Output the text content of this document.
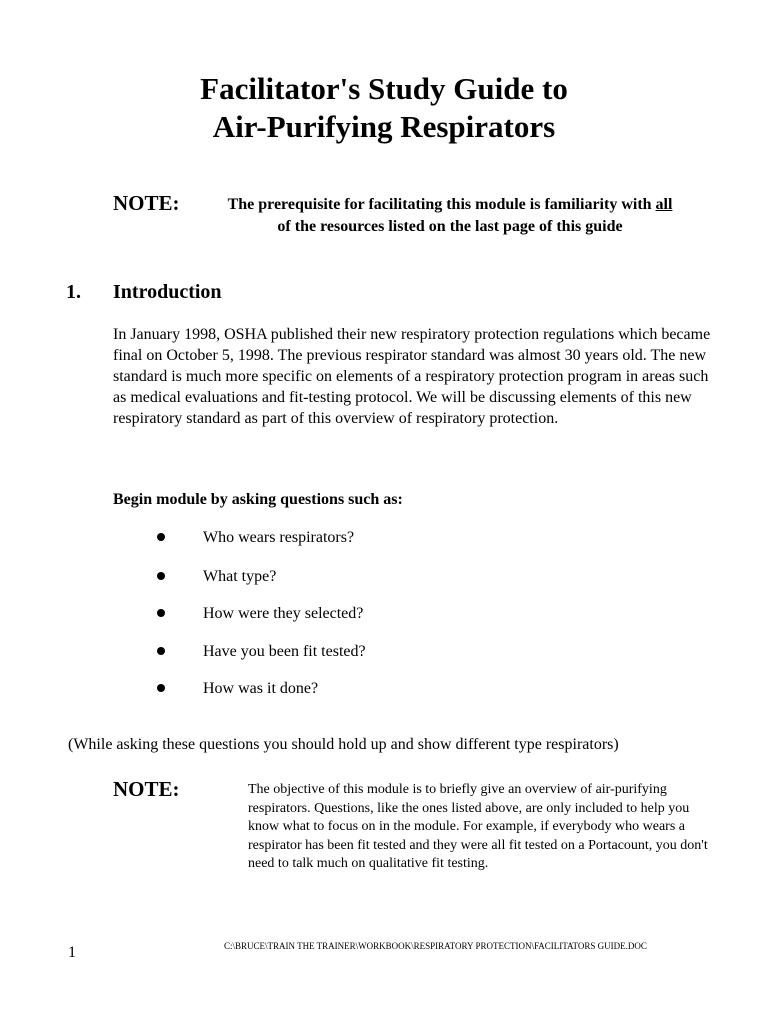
Facilitator's Study Guide to
Air-Purifying Respirators
NOTE:	The prerequisite for facilitating this module is familiarity with all
of the resources listed on the last page of this guide
1. Introduction
In January 1998, OSHA published their new respiratory protection regulations which became final on October 5, 1998. The previous respirator standard was almost 30 years old. The new standard is much more specific on elements of a respiratory protection program in areas such as medical evaluations and fit-testing protocol. We will be discussing elements of this new respiratory standard as part of this overview of respiratory protection.
Begin module by asking questions such as:
Who wears respirators?
What type?
How were they selected?
Have you been fit tested?
How was it done?
(While asking these questions you should hold up and show different type respirators)
NOTE:	The objective of this module is to briefly give an overview of air-purifying respirators. Questions, like the ones listed above, are only included to help you know what to focus on in the module. For example, if everybody who wears a respirator has been fit tested and they were all fit tested on a Portacount, you don't need to talk much on qualitative fit testing.
1	C:\BRUCE\TRAIN THE TRAINER\WORKBOOK\RESPIRATORY PROTECTION\FACILITATORS GUIDE.DOC
